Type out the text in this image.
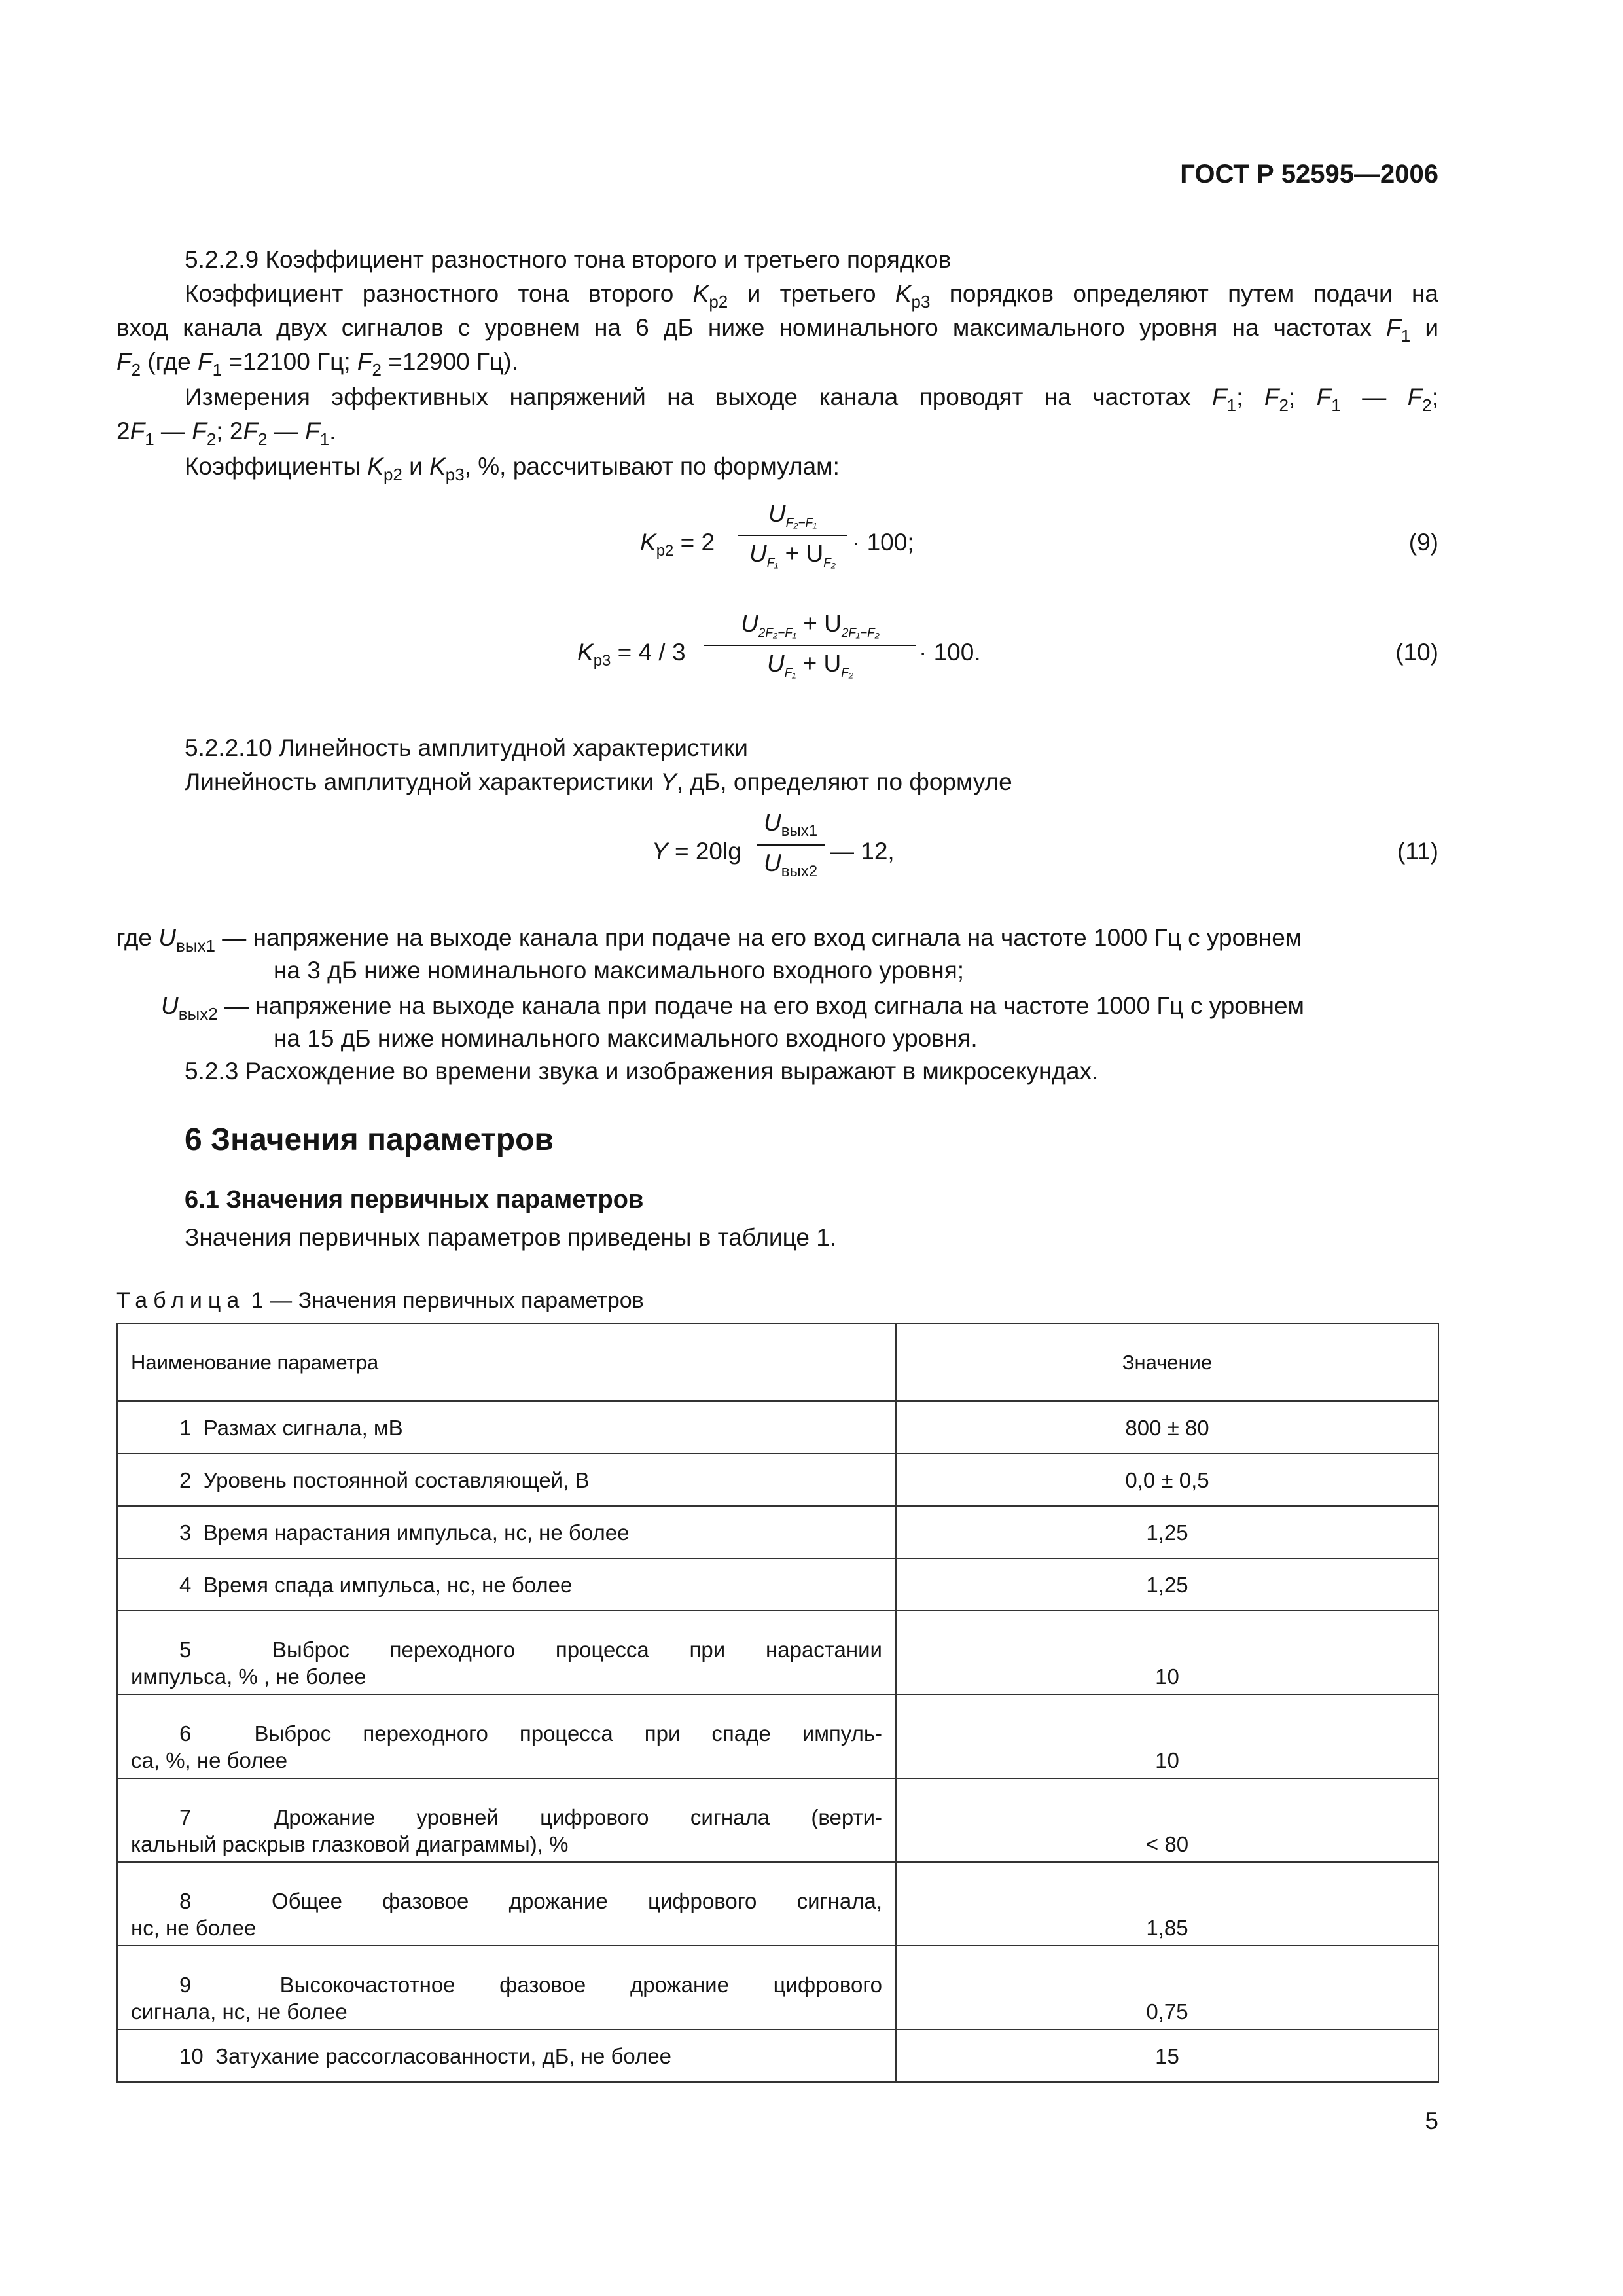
ГОСТ Р 52595—2006
5.2.2.9 Коэффициент разностного тона второго и третьего порядков
Коэффициент разностного тона второго $K_{р2}$ и третьего $K_{р3}$ порядков определяют путем подачи на
вход канала двух сигналов с уровнем на 6 дБ ниже номинального максимального уровня на частотах $F_1$ и
$F_2$ (где $F_1 =12100$ Гц; $F_2 =12900$ Гц).
Измерения эффективных напряжений на выходе канала проводят на частотах $F_1$; $F_2$; $F_1$ — $F_2$;
$2F_1$ — $F_2$; $2F_2$ — $F_1$.
Коэффициенты $K_{р2}$ и $K_{р3}$, %, рассчитывают по формулам:
$K_{р2} = 2 \frac{U_{F_2-F_1}}{U_{F_1} + U_{F_2}} \cdot 100$;	(9)
$K_{р3} = 4 / 3 \frac{U_{2F_2-F_1} + U_{2F_1-F_2}}{U_{F_1} + U_{F_2}} \cdot 100$.	(10)
5.2.2.10 Линейность амплитудной характеристики
Линейность амплитудной характеристики Y, дБ, определяют по формуле
Y = 20lg
$U_{вых1}$
$U_{вых2}$
— 12,	(11)
где $U_{вых1}$ — напряжение на выходе канала при подаче на его вход сигнала на частоте 1000 Гц с уровнем
на 3 дБ ниже номинального максимального входного уровня;
$U_{вых2}$ — напряжение на выходе канала при подаче на его вход сигнала на частоте 1000 Гц с уровнем
на 15 дБ ниже номинального максимального входного уровня.
5.2.3 Расхождение во времени звука и изображения выражают в микросекундах.
6 Значения параметров
6.1 Значения первичных параметров
Значения первичных параметров приведены в таблице 1.
Таблица 1 — Значения первичных параметров
Наименование параметра	Значение
1 Размах сигнала, мВ	800 ± 80
2 Уровень постоянной составляющей, В	0,0 ± 0,5
3 Время нарастания импульса, нс, не более	1,25
4 Время спада импульса, нс, не более	1,25

5 Выброс переходного процесса при нарастании
импульса, % , не более	10

6 Выброс переходного процесса при спаде импуль-
са, %, не более	10

7 Дрожание уровней цифрового сигнала (верти-
кальный раскрыв глазковой диаграммы), %	< 80

8 Общее фазовое дрожание цифрового сигнала,
нс, не более	1,85

9 Высокочастотное фазовое дрожание цифрового
сигнала, нс, не более	0,75
10 Затухание рассогласованности, дБ, не более	15
5
